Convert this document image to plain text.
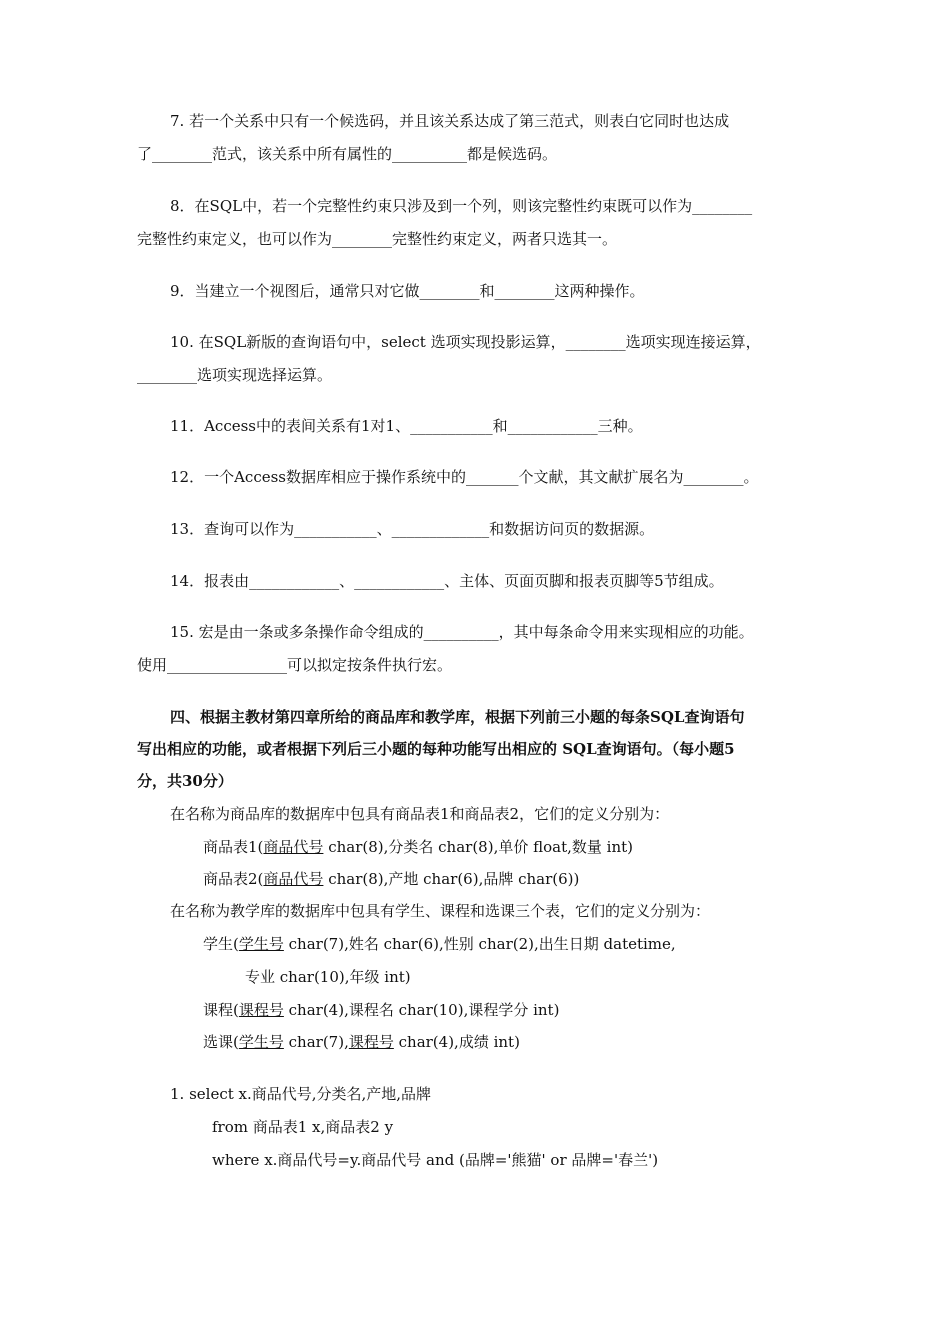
7. 若一个关系中只有一个候选码，并且该关系达成了第三范式，则表白它同时也达成
了________范式，该关系中所有属性的__________都是候选码。
8．在SQL中，若一个完整性约束只涉及到一个列，则该完整性约束既可以作为________
完整性约束定义，也可以作为________完整性约束定义，两者只选其一。
9．当建立一个视图后，通常只对它做________和________这两种操作。
10. 在SQL新版的查询语句中，select 选项实现投影运算，________选项实现连接运算，
________选项实现选择运算。
11．Access中的表间关系有1对1、___________和____________三种。
12．一个Access数据库相应于操作系统中的_______个文献，其文献扩展名为________。
13．查询可以作为___________、_____________和数据访问页的数据源。
14．报表由____________、____________、主体、页面页脚和报表页脚等5节组成。
15. 宏是由一条或多条操作命令组成的__________，其中每条命令用来实现相应的功能。
使用________________可以拟定按条件执行宏。
四、根据主教材第四章所给的商品库和教学库，根据下列前三小题的每条SQL查询语句
写出相应的功能，或者根据下列后三小题的每种功能写出相应的 SQL查询语句。（每小题5
分，共30分）
在名称为商品库的数据库中包具有商品表1和商品表2，它们的定义分别为：
商品表1(商品代号 char(8),分类名 char(8),单价 float,数量 int)
商品表2(商品代号 char(8),产地 char(6),品牌 char(6))
在名称为教学库的数据库中包具有学生、课程和选课三个表，它们的定义分别为：
学生(学生号 char(7),姓名 char(6),性别 char(2),出生日期 datetime,
专业 char(10),年级 int)
课程(课程号 char(4),课程名 char(10),课程学分 int)
选课(学生号 char(7),课程号 char(4),成绩 int)
1. select x.商品代号,分类名,产地,品牌
from 商品表1 x,商品表2 y
where x.商品代号=y.商品代号 and (品牌='熊猫' or 品牌='春兰')
